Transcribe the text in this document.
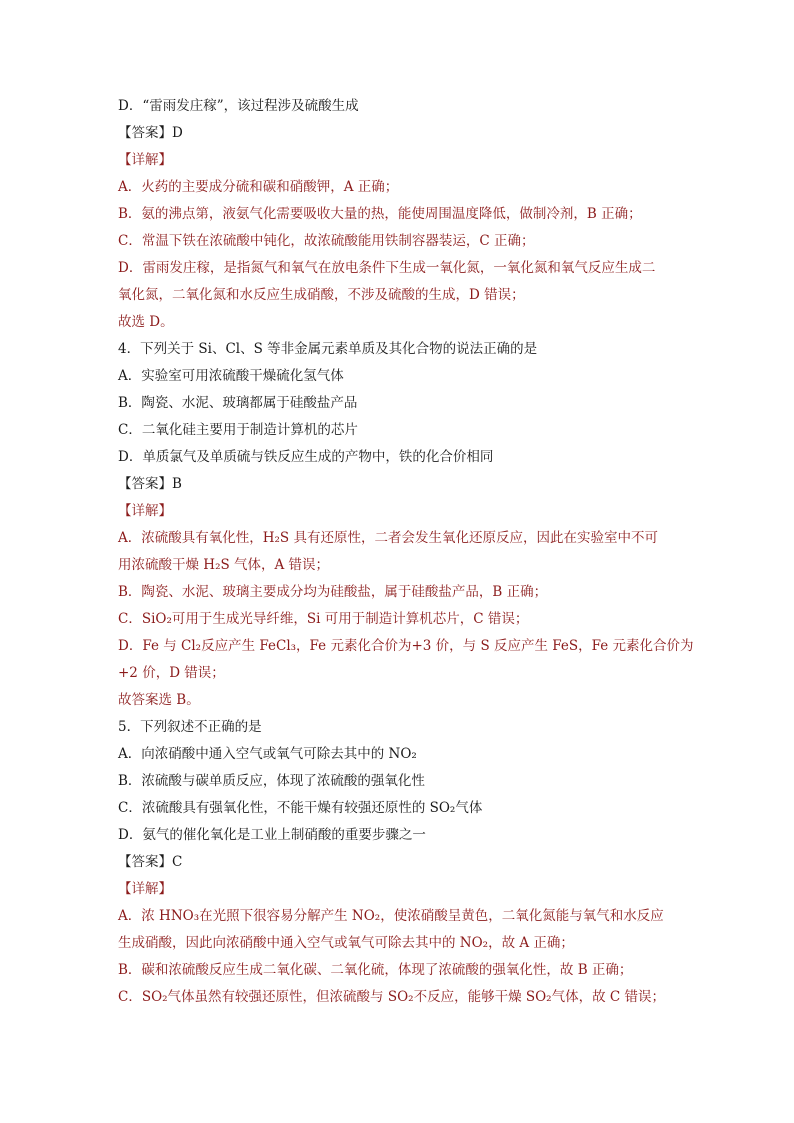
D．“雷雨发庄稼”，该过程涉及硫酸生成
【答案】D
【详解】
A．火药的主要成分硫和碳和硝酸钾，A 正确；
B．氨的沸点第，液氨气化需要吸收大量的热，能使周围温度降低，做制冷剂，B 正确；
C．常温下铁在浓硫酸中钝化，故浓硫酸能用铁制容器装运，C 正确；
D．雷雨发庄稼，是指氮气和氧气在放电条件下生成一氧化氮，一氧化氮和氧气反应生成二
氧化氮，二氧化氮和水反应生成硝酸，不涉及硫酸的生成，D 错误；
故选 D。
4．下列关于 Si、Cl、S 等非金属元素单质及其化合物的说法正确的是
A．实验室可用浓硫酸干燥硫化氢气体
B．陶瓷、水泥、玻璃都属于硅酸盐产品
C．二氧化硅主要用于制造计算机的芯片
D．单质氯气及单质硫与铁反应生成的产物中，铁的化合价相同
【答案】B
【详解】
A．浓硫酸具有氧化性，H₂S 具有还原性，二者会发生氧化还原反应，因此在实验室中不可
用浓硫酸干燥 H₂S 气体，A 错误；
B．陶瓷、水泥、玻璃主要成分均为硅酸盐，属于硅酸盐产品，B 正确；
C．SiO₂可用于生成光导纤维，Si 可用于制造计算机芯片，C 错误；
D．Fe 与 Cl₂反应产生 FeCl₃，Fe 元素化合价为+3 价，与 S 反应产生 FeS，Fe 元素化合价为
+2 价，D 错误；
故答案选 B。
5．下列叙述不正确的是
A．向浓硝酸中通入空气或氧气可除去其中的 NO₂
B．浓硫酸与碳单质反应，体现了浓硫酸的强氧化性
C．浓硫酸具有强氧化性，不能干燥有较强还原性的 SO₂气体
D．氨气的催化氧化是工业上制硝酸的重要步骤之一
【答案】C
【详解】
A．浓 HNO₃在光照下很容易分解产生 NO₂，使浓硝酸呈黄色，二氧化氮能与氧气和水反应
生成硝酸，因此向浓硝酸中通入空气或氧气可除去其中的 NO₂，故 A 正确；
B．碳和浓硫酸反应生成二氧化碳、二氧化硫，体现了浓硫酸的强氧化性，故 B 正确；
C．SO₂气体虽然有较强还原性，但浓硫酸与 SO₂不反应，能够干燥 SO₂气体，故 C 错误；
